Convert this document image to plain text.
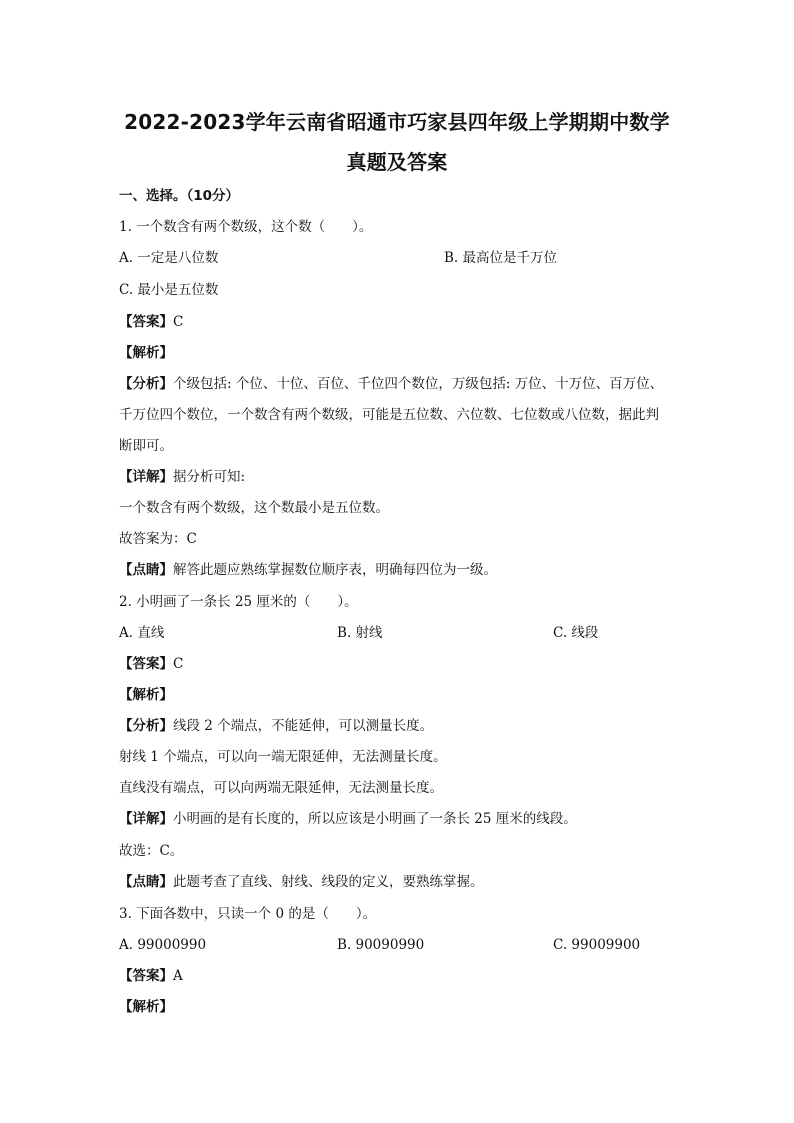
2022-2023学年云南省昭通市巧家县四年级上学期期中数学
真题及答案
一、选择。（10分）
1. 一个数含有两个数级，这个数（　　）。
A. 一定是八位数	B. 最高位是千万位
C. 最小是五位数
【答案】C
【解析】
【分析】个级包括: 个位、十位、百位、千位四个数位，万级包括: 万位、十万位、百万位、
千万位四个数位，一个数含有两个数级，可能是五位数、六位数、七位数或八位数，据此判
断即可。
【详解】据分析可知:
一个数含有两个数级，这个数最小是五位数。
故答案为：C
【点睛】解答此题应熟练掌握数位顺序表，明确每四位为一级。
2. 小明画了一条长 25 厘米的（　　）。
A. 直线	B. 射线	C. 线段
【答案】C
【解析】
【分析】线段 2 个端点，不能延伸，可以测量长度。
射线 1 个端点，可以向一端无限延伸，无法测量长度。
直线没有端点，可以向两端无限延伸，无法测量长度。
【详解】小明画的是有长度的，所以应该是小明画了一条长 25 厘米的线段。
故选：C。
【点睛】此题考查了直线、射线、线段的定义，要熟练掌握。
3. 下面各数中，只读一个 0 的是（　　）。
A. 99000990	B. 90090990	C. 99009900
【答案】A
【解析】
